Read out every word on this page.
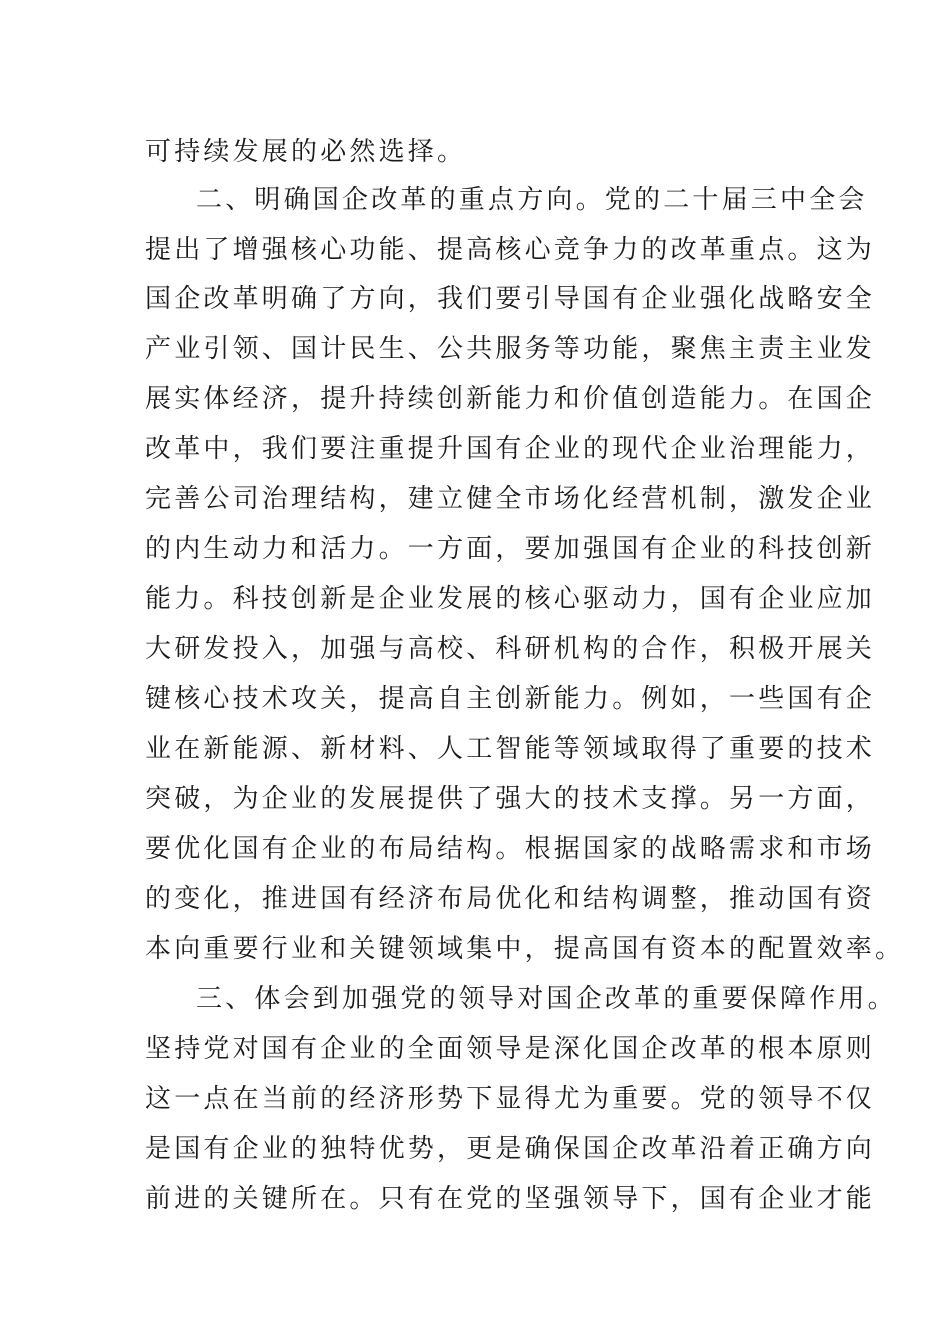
可持续发展的必然选择。
二、明确国企改革的重点方向。党的二十届三中全会
提出了增强核心功能、提高核心竞争力的改革重点。这为
国企改革明确了方向，我们要引导国有企业强化战略安全
产业引领、国计民生、公共服务等功能，聚焦主责主业发
展实体经济，提升持续创新能力和价值创造能力。在国企
改革中，我们要注重提升国有企业的现代企业治理能力，
完善公司治理结构，建立健全市场化经营机制，激发企业
的内生动力和活力。一方面，要加强国有企业的科技创新
能力。科技创新是企业发展的核心驱动力，国有企业应加
大研发投入，加强与高校、科研机构的合作，积极开展关
键核心技术攻关，提高自主创新能力。例如，一些国有企
业在新能源、新材料、人工智能等领域取得了重要的技术
突破，为企业的发展提供了强大的技术支撑。另一方面，
要优化国有企业的布局结构。根据国家的战略需求和市场
的变化，推进国有经济布局优化和结构调整，推动国有资
本向重要行业和关键领域集中，提高国有资本的配置效率。
三、体会到加强党的领导对国企改革的重要保障作用。
坚持党对国有企业的全面领导是深化国企改革的根本原则
这一点在当前的经济形势下显得尤为重要。党的领导不仅
是国有企业的独特优势，更是确保国企改革沿着正确方向
前进的关键所在。只有在党的坚强领导下，国有企业才能
